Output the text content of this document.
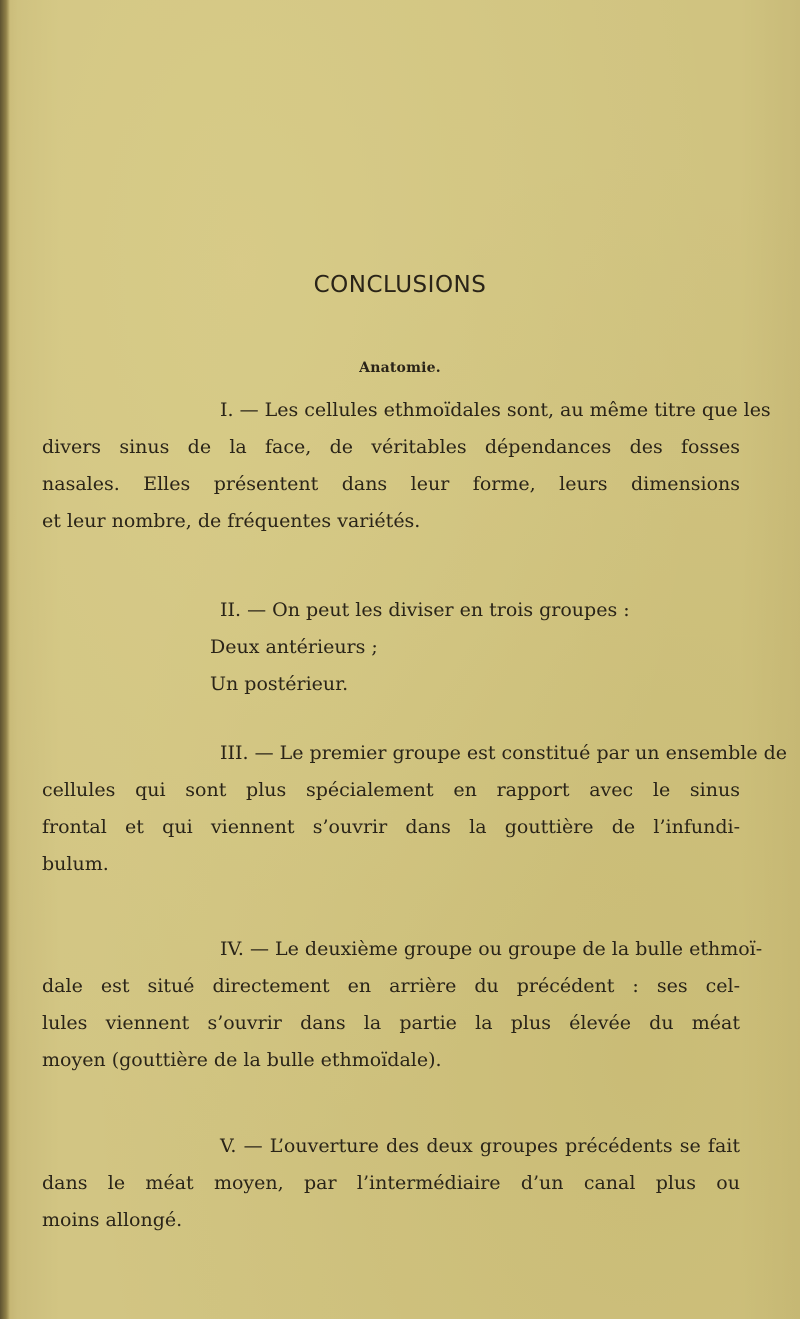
CONCLUSIONS
Anatomie.

I. — Les cellules ethmoïdales sont, au même titre que les
divers sinus de la face, de véritables dépendances des fosses
nasales. Elles présentent dans leur forme, leurs dimensions
et leur nombre, de fréquentes variétés.

II. — On peut les diviser en trois groupes :
Deux antérieurs ;
Un postérieur.

III. — Le premier groupe est constitué par un ensemble de
cellules qui sont plus spécialement en rapport avec le sinus
frontal et qui viennent s’ouvrir dans la gouttière de l’infundi-
bulum.

IV. — Le deuxième groupe ou groupe de la bulle ethmoï-
dale est situé directement en arrière du précédent : ses cel-
lules viennent s’ouvrir dans la partie la plus élevée du méat
moyen (gouttière de la bulle ethmoïdale).

V. — L’ouverture des deux groupes précédents se fait
dans le méat moyen, par l’intermédiaire d’un canal plus ou
moins allongé.
